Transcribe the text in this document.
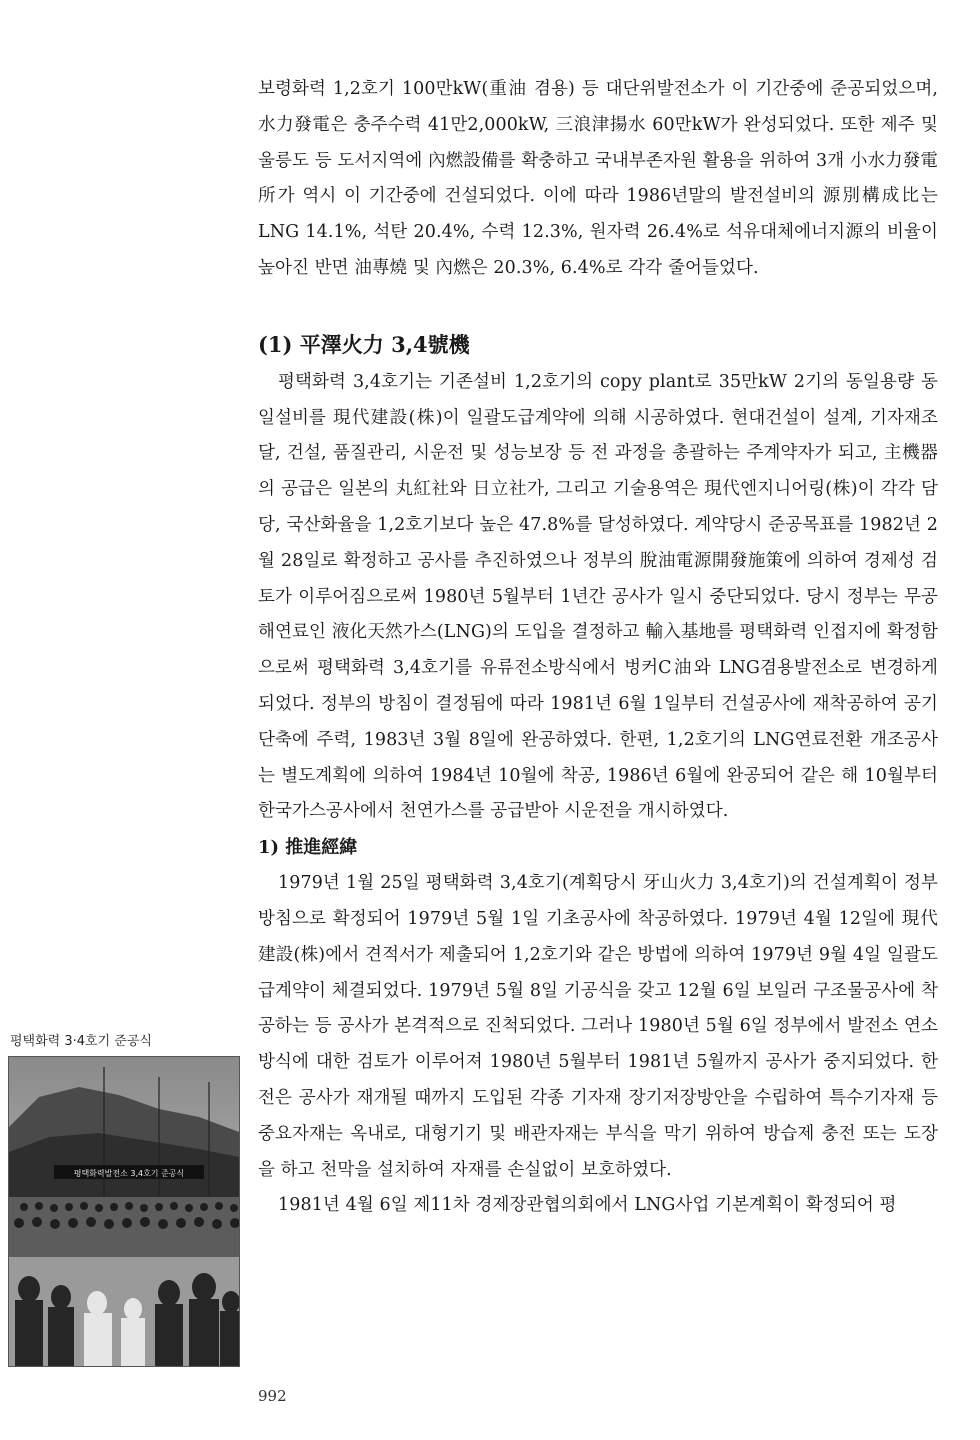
보령화력 1,2호기 100만kW(重油 겸용) 등 대단위발전소가 이 기간중에 준공되었으며, 水力發電은 충주수력 41만2,000kW, 三浪津揚水 60만kW가 완성되었다. 또한 제주 및 울릉도 등 도서지역에 內燃設備를 확충하고 국내부존자원 활용을 위하여 3개 小水力發電所가 역시 이 기간중에 건설되었다. 이에 따라 1986년말의 발전설비의 源別構成比는 LNG 14.1%, 석탄 20.4%, 수력 12.3%, 원자력 26.4%로 석유대체에너지源의 비율이 높아진 반면 油專燒 및 內燃은 20.3%, 6.4%로 각각 줄어들었다.

(1) 平澤火力 3,4號機

평택화력 3,4호기는 기존설비 1,2호기의 copy plant로 35만kW 2기의 동일용량 동일설비를 現代建設(株)이 일괄도급계약에 의해 시공하였다. 현대건설이 설계, 기자재조달, 건설, 품질관리, 시운전 및 성능보장 등 전 과정을 총괄하는 주계약자가 되고, 主機器의 공급은 일본의 丸紅社와 日立社가, 그리고 기술용역은 現代엔지니어링(株)이 각각 담당, 국산화율을 1,2호기보다 높은 47.8%를 달성하였다. 계약당시 준공목표를 1982년 2월 28일로 확정하고 공사를 추진하였으나 정부의 脫油電源開發施策에 의하여 경제성 검토가 이루어짐으로써 1980년 5월부터 1년간 공사가 일시 중단되었다. 당시 정부는 무공해연료인 液化天然가스(LNG)의 도입을 결정하고 輸入基地를 평택화력 인접지에 확정함으로써 평택화력 3,4호기를 유류전소방식에서 벙커C油와 LNG겸용발전소로 변경하게 되었다. 정부의 방침이 결정됨에 따라 1981년 6월 1일부터 건설공사에 재착공하여 공기단축에 주력, 1983년 3월 8일에 완공하였다. 한편, 1,2호기의 LNG연료전환 개조공사는 별도계획에 의하여 1984년 10월에 착공, 1986년 6월에 완공되어 같은 해 10월부터 한국가스공사에서 천연가스를 공급받아 시운전을 개시하였다.

1) 推進經緯

1979년 1월 25일 평택화력 3,4호기(계획당시 牙山火力 3,4호기)의 건설계획이 정부방침으로 확정되어 1979년 5월 1일 기초공사에 착공하였다. 1979년 4월 12일에 現代建設(株)에서 견적서가 제출되어 1,2호기와 같은 방법에 의하여 1979년 9월 4일 일괄도급계약이 체결되었다. 1979년 5월 8일 기공식을 갖고 12월 6일 보일러 구조물공사에 착공하는 등 공사가 본격적으로 진척되었다. 그러나 1980년 5월 6일 정부에서 발전소 연소방식에 대한 검토가 이루어져 1980년 5월부터 1981년 5월까지 공사가 중지되었다. 한전은 공사가 재개될 때까지 도입된 각종 기자재 장기저장방안을 수립하여 특수기자재 등 중요자재는 옥내로, 대형기기 및 배관자재는 부식을 막기 위하여 방습제 충전 또는 도장을 하고 천막을 설치하여 자재를 손실없이 보호하였다.

1981년 4월 6일 제11차 경제장관협의회에서 LNG사업 기본계획이 확정되어 평

평택화력 3·4호기 준공식
평택화력발전소 3,4호기 준공식
992
